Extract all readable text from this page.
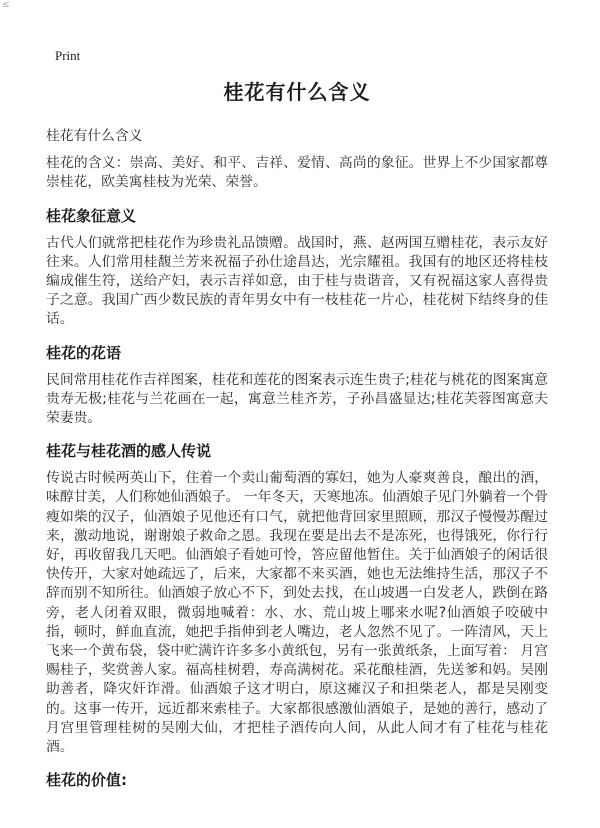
≤
Print
桂花有什么含义

桂花有什么含义

桂花的含义：崇高、美好、和平、吉祥、爱情、高尚的象征。世界上不少国家都尊崇桂花，欧美寓桂枝为光荣、荣誉。

桂花象征意义

古代人们就常把桂花作为珍贵礼品馈赠。战国时，燕、赵两国互赠桂花，表示友好往来。人们常用桂馥兰芳来祝福子孙仕途昌达，光宗耀祖。我国有的地区还将桂枝编成催生符，送给产妇，表示吉祥如意，由于桂与贵谐音，又有祝福这家人喜得贵子之意。我国广西少数民族的青年男女中有一枝桂花一片心，桂花树下结终身的佳话。

桂花的花语

民间常用桂花作吉祥图案，桂花和莲花的图案表示连生贵子;桂花与桃花的图案寓意贵寿无极;桂花与兰花画在一起，寓意兰桂齐芳，子孙昌盛显达;桂花芙蓉图寓意夫荣妻贵。

桂花与桂花酒的感人传说

传说古时候两英山下，住着一个卖山葡萄酒的寡妇，她为人豪爽善良，酿出的酒，味醇甘美，人们称她仙酒娘子。 一年冬天，天寒地冻。仙酒娘子见门外躺着一个骨瘦如柴的汉子，仙酒娘子见他还有口气，就把他背回家里照顾，那汉子慢慢苏醒过来，激动地说，谢谢娘子救命之恩。我现在要是出去不是冻死，也得饿死，你行行好，再收留我几天吧。仙酒娘子看她可怜，答应留他暂住。关于仙酒娘子的闲话很快传开，大家对她疏远了，后来，大家都不来买酒，她也无法维持生活，那汉子不辞而别不知所往。仙酒娘子放心不下，到处去找，在山坡遇一白发老人，跌倒在路旁，老人闭着双眼，微弱地喊着：水、水、荒山坡上哪来水呢?仙酒娘子咬破中指，顿时，鲜血直流，她把手指伸到老人嘴边，老人忽然不见了。一阵清风，天上飞来一个黄布袋，袋中贮满许许多多小黄纸包，另有一张黄纸条，上面写着： 月宫赐桂子，奖赏善人家。福高桂树碧，寿高满树花。采花酿桂酒，先送爹和妈。吴刚助善者，降灾奸诈滑。仙酒娘子这才明白，原这瘫汉子和担柴老人，都是吴刚变的。这事一传开，远近都来索桂子。大家都很感激仙酒娘子，是她的善行，感动了月宫里管理桂树的吴刚大仙，才把桂子酒传向人间，从此人间才有了桂花与桂花酒。

桂花的价值:
